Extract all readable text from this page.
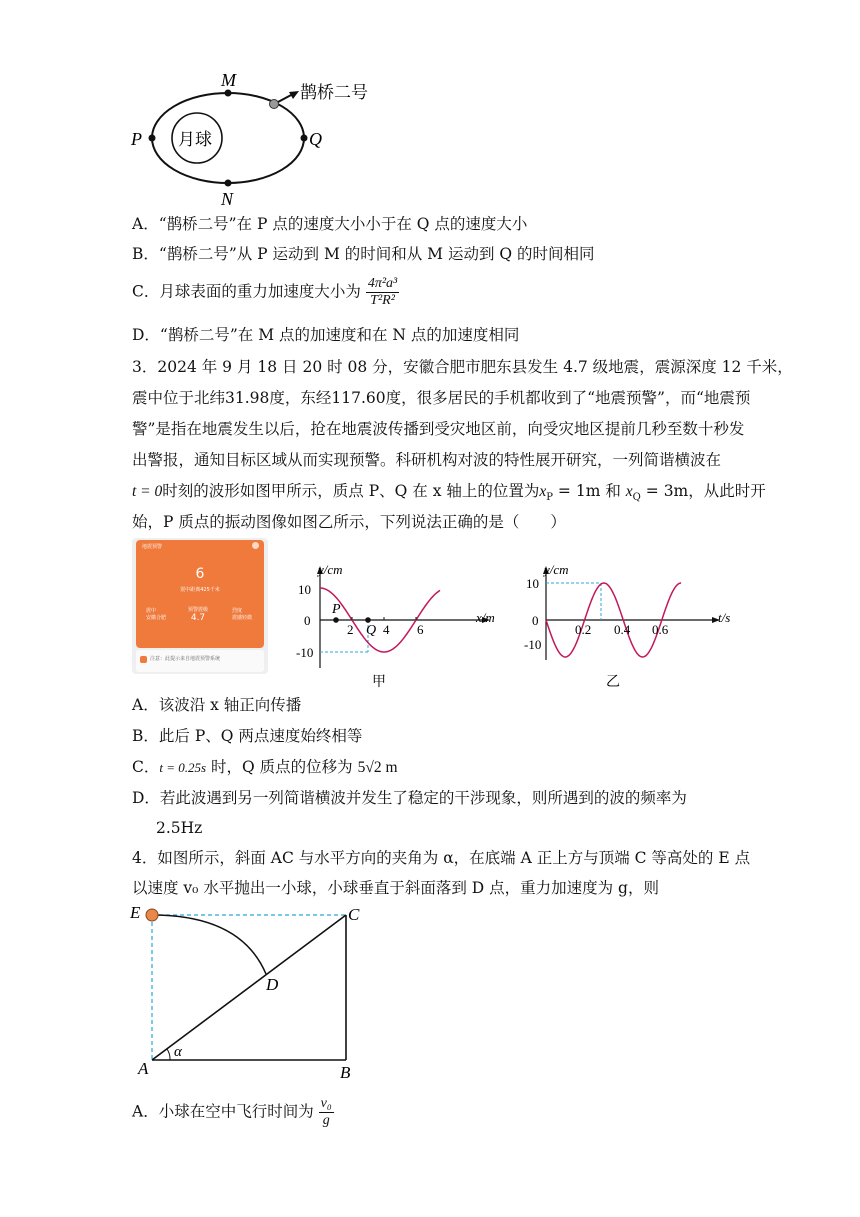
M
N
P	Q
月球
鹊桥二号
A．“鹊桥二号”在 P 点的速度大小小于在 Q 点的速度大小
B．“鹊桥二号”从 P 运动到 M 的时间和从 M 运动到 Q 的时间相同
C．月球表面的重力加速度大小为 $\frac{\text{4π²a³}}{\text{T²R²}}$
D．“鹊桥二号”在 M 点的加速度和在 N 点的加速度相同
3．2024 年 9 月 18 日 20 时 08 分，安徽合肥市肥东县发生 4.7 级地震，震源深度 12 千米，
震中位于北纬31.98度，东经117.60度，很多居民的手机都收到了“地震预警”，而“地震预
警”是指在地震发生以后，抢在地震波传播到受灾地区前，向受灾地区提前几秒至数十秒发
出警报，通知目标区域从而实现预警。科研机构对波的特性展开研究，一列简谐横波在
t = 0时刻的波形如图甲所示，质点 P、Q 在 x 轴上的位置为$x_P = 1m$ 和 $x_Q = 3m$，从此时开
始，P 质点的振动图像如图乙所示，下列说法正确的是（　　）
地震预警
6
震中距离425千米
震中
安徽合肥
预警震级
4.7
烈度
震感轻微
注意：此提示来自地震预警系统
y/cm
x/m
10
0
-10
2 4 6
P
Q
甲
y/cm
t/s
10
0
-10
0.2 0.4 0.6
乙
A．该波沿 x 轴正向传播
B．此后 P、Q 两点速度始终相等
C．t = 0.25s 时，Q 质点的位移为 5√2 m
D．若此波遇到另一列简谐横波并发生了稳定的干涉现象，则所遇到的波的频率为
2.5Hz
4．如图所示，斜面 AC 与水平方向的夹角为 α，在底端 A 正上方与顶端 C 等高处的 E 点
以速度 v₀ 水平抛出一小球，小球垂直于斜面落到 D 点，重力加速度为 g，则
E	C
D
A	B
α
A．小球在空中飞行时间为 $\frac{\text{v₀}}{g}$
